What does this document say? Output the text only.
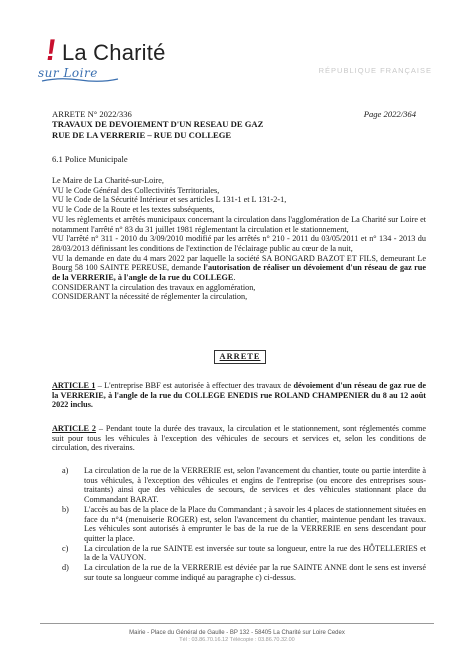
! La Charité
sur Loire	RÉPUBLIQUE FRANÇAISE
ARRETE N° 2022/336	Page 2022/364
TRAVAUX DE DEVOIEMENT D'UN RESEAU DE GAZ
RUE DE LA VERRERIE – RUE DU COLLEGE
6.1 Police Municipale
Le Maire de La Charité-sur-Loire,
VU le Code Général des Collectivités Territoriales,
VU le Code de la Sécurité Intérieur et ses articles L 131-1 et L 131-2-1,
VU le Code de la Route et les textes subséquents,
VU les règlements et arrêtés municipaux concernant la circulation dans l'agglomération de La Charité sur Loire et notamment l'arrêté n° 83 du 31 juillet 1981 réglementant la circulation et le stationnement,
VU l'arrêté n° 311 - 2010 du 3/09/2010 modifié par les arrêtés n° 210 - 2011 du 03/05/2011 et n° 134 - 2013 du 28/03/2013 définissant les conditions de l'extinction de l'éclairage public au cœur de la nuit,
VU la demande en date du 4 mars 2022 par laquelle la société SA BONGARD BAZOT ET FILS, demeurant Le Bourg 58 100 SAINTE PEREUSE, demande l'autorisation de réaliser un dévoiement d'un réseau de gaz rue de la VERRERIE, à l'angle de la rue du COLLEGE.
CONSIDERANT la circulation des travaux en agglomération,
CONSIDERANT la nécessité de réglementer la circulation,
ARRETE
ARTICLE 1 – L'entreprise BBF est autorisée à effectuer des travaux de dévoiement d'un réseau de gaz rue de la VERRERIE, à l'angle de la rue du COLLEGE ENEDIS rue ROLAND CHAMPENIER du 8 au 12 août 2022 inclus.
ARTICLE 2 – Pendant toute la durée des travaux, la circulation et le stationnement, sont réglementés comme suit pour tous les véhicules à l'exception des véhicules de secours et services et, selon les conditions de circulation, des riverains.
a) La circulation de la rue de la VERRERIE est, selon l'avancement du chantier, toute ou partie interdite à tous véhicules, à l'exception des véhicules et engins de l'entreprise (ou encore des entreprises sous-traitants) ainsi que des véhicules de secours, de services et des véhicules stationnant place du Commandant BARAT.
b) L'accès au bas de la place de la Place du Commandant ; à savoir les 4 places de stationnement situées en face du n°4 (menuiserie ROGER) est, selon l'avancement du chantier, maintenue pendant les travaux. Les véhicules sont autorisés à emprunter le bas de la rue de la VERRERIE en sens descendant pour quitter la place.
c) La circulation de la rue SAINTE est inversée sur toute sa longueur, entre la rue des HÔTELLERIES et la de la VAUYON.
d) La circulation de la rue de la VERRERIE est déviée par la rue SAINTE ANNE dont le sens est inversé sur toute sa longueur comme indiqué au paragraphe c) ci-dessus.
Mairie - Place du Général de Gaulle - BP 132 - 58405 La Charité sur Loire Cedex
Tél : 03.86.70.16.12 Télécopie : 03.86.70.32.00
